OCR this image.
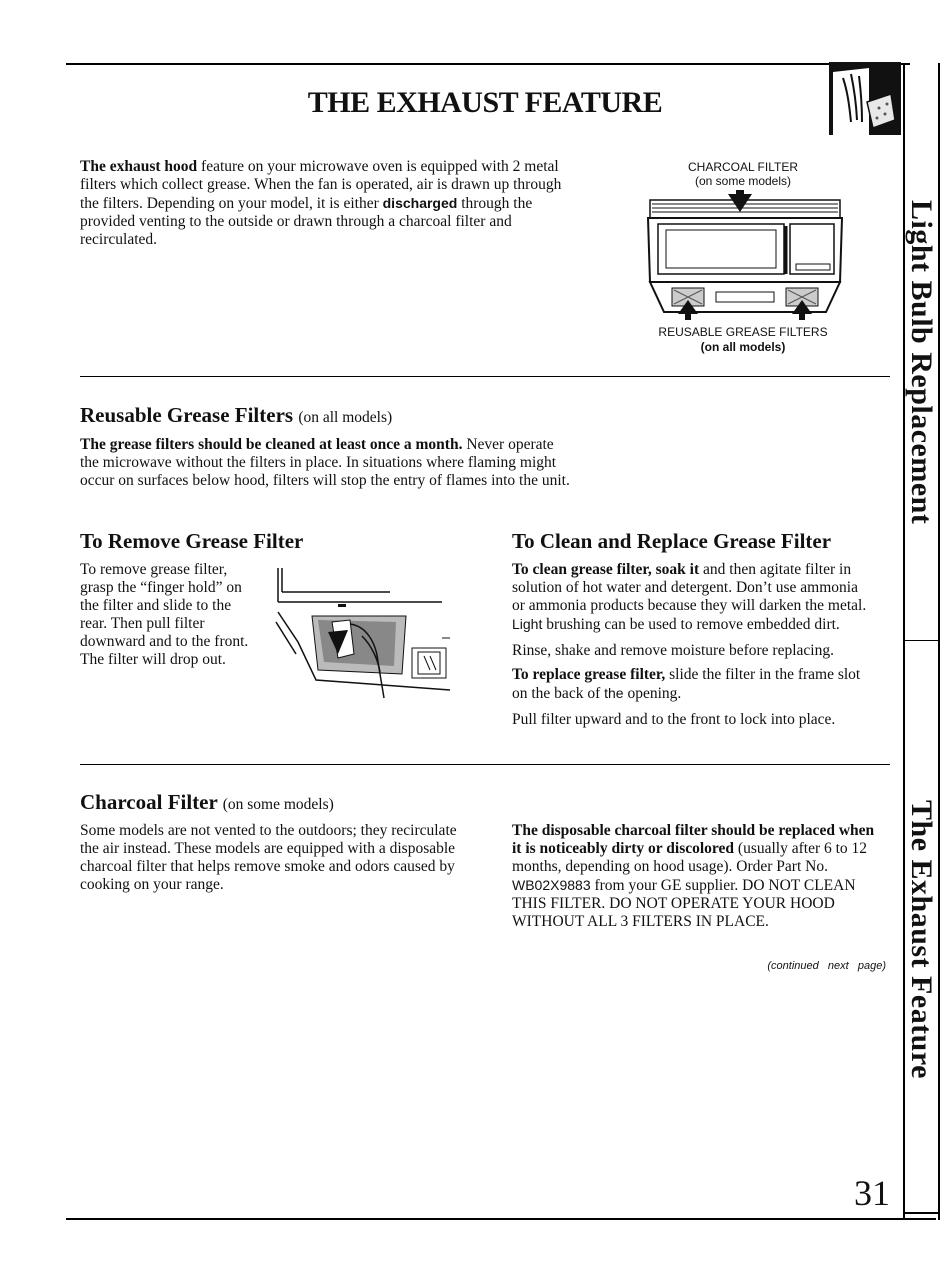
THE EXHAUST FEATURE

The exhaust hood feature on your microwave oven is equipped with 2 metal filters which collect grease. When the fan is operated, air is drawn up through the filters. Depending on your model, it is either discharged through the provided venting to the outside or drawn through a charcoal filter and recirculated.

CHARCOAL FILTER
(on some models)
REUSABLE GREASE FILTERS
(on all models)
Reusable Grease Filters (on all models)

The grease filters should be cleaned at least once a month. Never operate the microwave without the filters in place. In situations where flaming might occur on surfaces below hood, filters will stop the entry of flames into the unit.

To Remove Grease Filter

To remove grease filter, grasp the “finger hold” on the filter and slide to the rear. Then pull filter downward and to the front. The filter will drop out.

To Clean and Replace Grease Filter

To clean grease filter, soak it and then agitate filter in solution of hot water and detergent. Don’t use ammonia or ammonia products because they will darken the metal. Light brushing can be used to remove embedded dirt.

Rinse, shake and remove moisture before replacing.

To replace grease filter, slide the filter in the frame slot on the back of the opening.

Pull filter upward and to the front to lock into place.

Charcoal Filter (on some models)

Some models are not vented to the outdoors; they recirculate the air instead. These models are equipped with a disposable charcoal filter that helps remove smoke and odors caused by cooking on your range.

The disposable charcoal filter should be replaced when it is noticeably dirty or discolored (usually after 6 to 12 months, depending on hood usage). Order Part No. WB02X9883 from your GE supplier. DO NOT CLEAN THIS FILTER. DO NOT OPERATE YOUR HOOD WITHOUT ALL 3 FILTERS IN PLACE.

(continued   next   page)
31
Light Bulb Replacement
The Exhaust Feature
